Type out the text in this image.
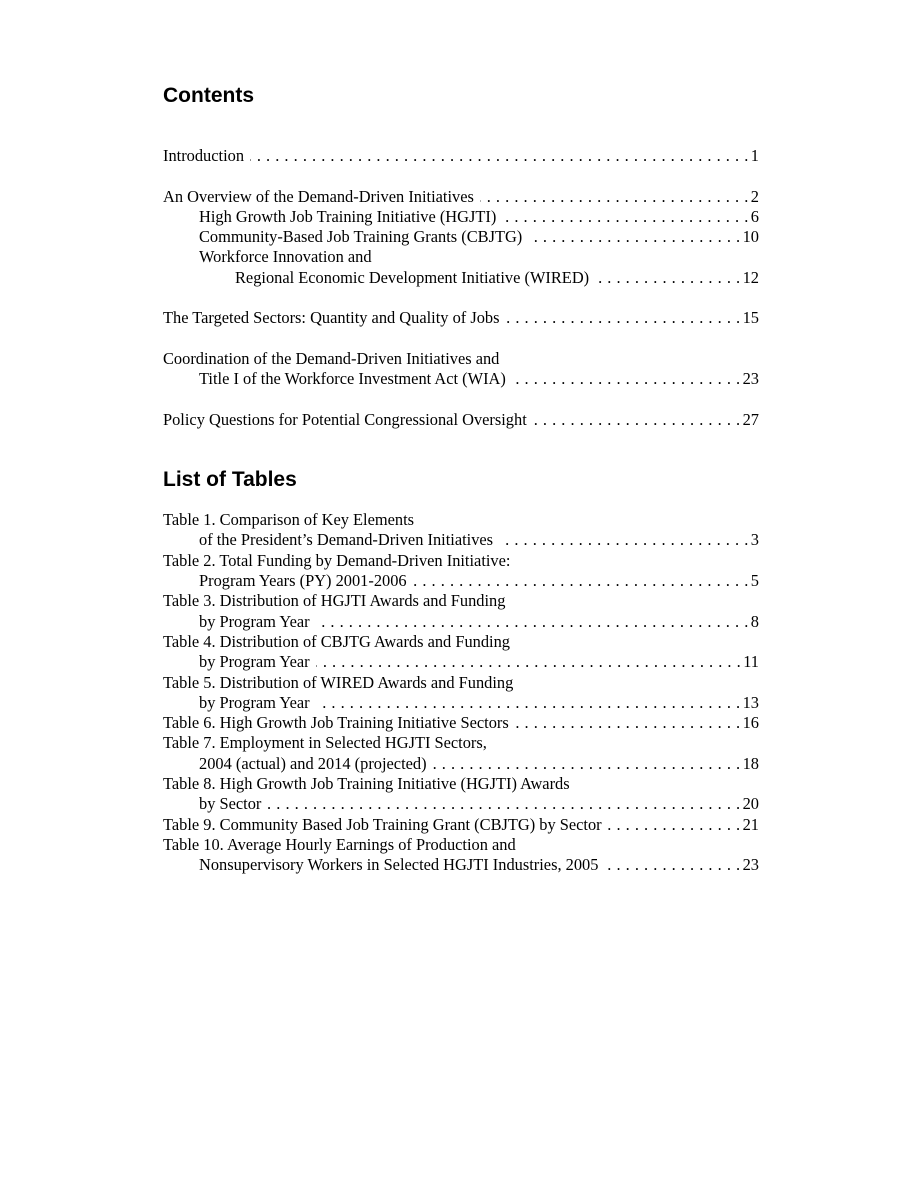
Contents
Introduction . . .	1
An Overview of the Demand-Driven Initiatives . . .	2
High Growth Job Training Initiative (HGJTI) . . .	6
Community-Based Job Training Grants (CBJTG) . . .	10
Workforce Innovation and
Regional Economic Development Initiative (WIRED) . . .	12
The Targeted Sectors: Quantity and Quality of Jobs . . .	15
Coordination of the Demand-Driven Initiatives and
Title I of the Workforce Investment Act (WIA) . . .	23
Policy Questions for Potential Congressional Oversight . . .	27
List of Tables
Table 1. Comparison of Key Elements
of the President’s Demand-Driven Initiatives . . .	3
Table 2. Total Funding by Demand-Driven Initiative:
Program Years (PY) 2001-2006 . . .	5
Table 3. Distribution of HGJTI Awards and Funding
by Program Year . . .	8
Table 4. Distribution of CBJTG Awards and Funding
by Program Year . . .	11
Table 5. Distribution of WIRED Awards and Funding
by Program Year . . .	13
Table 6. High Growth Job Training Initiative Sectors . . .	16
Table 7. Employment in Selected HGJTI Sectors,
2004 (actual) and 2014 (projected) . . .	18
Table 8. High Growth Job Training Initiative (HGJTI) Awards
by Sector . . .	20
Table 9. Community Based Job Training Grant (CBJTG) by Sector . . .	21
Table 10. Average Hourly Earnings of Production and
Nonsupervisory Workers in Selected HGJTI Industries, 2005 . . .	23
